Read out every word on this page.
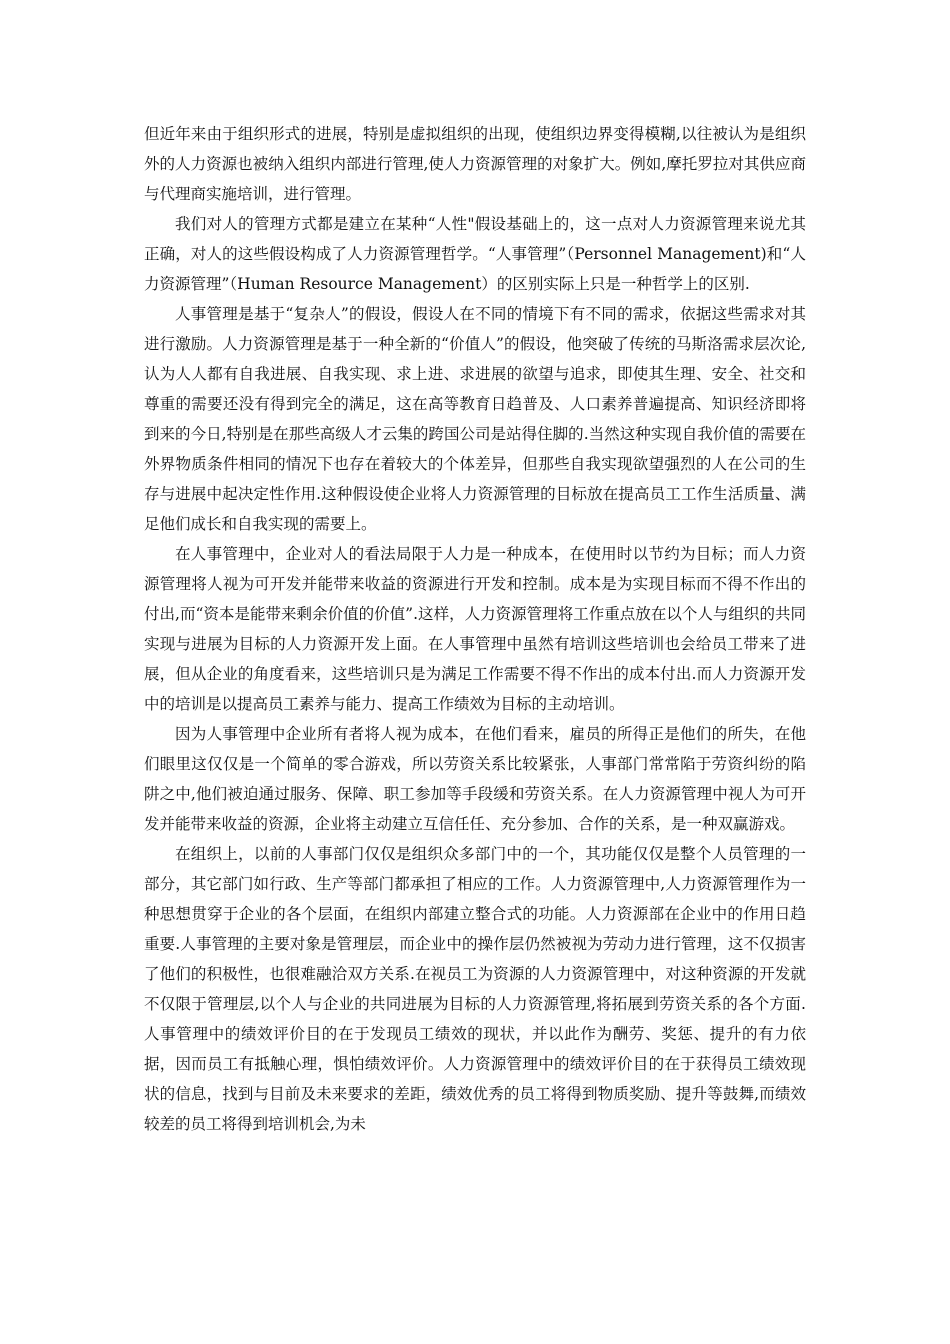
但近年来由于组织形式的进展，特别是虚拟组织的出现，使组织边界变得模糊,以往被认为是组织外的人力资源也被纳入组织内部进行管理,使人力资源管理的对象扩大。例如,摩托罗拉对其供应商与代理商实施培训，进行管理。

我们对人的管理方式都是建立在某种“人性"假设基础上的，这一点对人力资源管理来说尤其正确，对人的这些假设构成了人力资源管理哲学。“人事管理”（Personnel Management)和“人力资源管理”（Human Resource Management）的区别实际上只是一种哲学上的区别.

人事管理是基于“复杂人”的假设，假设人在不同的情境下有不同的需求，依据这些需求对其进行激励。人力资源管理是基于一种全新的“价值人”的假设，他突破了传统的马斯洛需求层次论,认为人人都有自我进展、自我实现、求上进、求进展的欲望与追求，即使其生理、安全、社交和尊重的需要还没有得到完全的满足，这在高等教育日趋普及、人口素养普遍提高、知识经济即将到来的今日,特别是在那些高级人才云集的跨国公司是站得住脚的.当然这种实现自我价值的需要在外界物质条件相同的情况下也存在着较大的个体差异，但那些自我实现欲望强烈的人在公司的生存与进展中起决定性作用.这种假设使企业将人力资源管理的目标放在提高员工工作生活质量、满足他们成长和自我实现的需要上。

在人事管理中，企业对人的看法局限于人力是一种成本，在使用时以节约为目标；而人力资源管理将人视为可开发并能带来收益的资源进行开发和控制。成本是为实现目标而不得不作出的付出,而“资本是能带来剩余价值的价值”.这样，人力资源管理将工作重点放在以个人与组织的共同实现与进展为目标的人力资源开发上面。在人事管理中虽然有培训这些培训也会给员工带来了进展，但从企业的角度看来，这些培训只是为满足工作需要不得不作出的成本付出.而人力资源开发中的培训是以提高员工素养与能力、提高工作绩效为目标的主动培训。

因为人事管理中企业所有者将人视为成本，在他们看来，雇员的所得正是他们的所失，在他们眼里这仅仅是一个简单的零合游戏，所以劳资关系比较紧张，人事部门常常陷于劳资纠纷的陷阱之中,他们被迫通过服务、保障、职工参加等手段缓和劳资关系。在人力资源管理中视人为可开发并能带来收益的资源，企业将主动建立互信任任、充分参加、合作的关系，是一种双赢游戏。

在组织上，以前的人事部门仅仅是组织众多部门中的一个，其功能仅仅是整个人员管理的一部分，其它部门如行政、生产等部门都承担了相应的工作。人力资源管理中,人力资源管理作为一种思想贯穿于企业的各个层面，在组织内部建立整合式的功能。人力资源部在企业中的作用日趋重要.人事管理的主要对象是管理层，而企业中的操作层仍然被视为劳动力进行管理，这不仅损害了他们的积极性，也很难融洽双方关系.在视员工为资源的人力资源管理中，对这种资源的开发就不仅限于管理层,以个人与企业的共同进展为目标的人力资源管理,将拓展到劳资关系的各个方面.人事管理中的绩效评价目的在于发现员工绩效的现状，并以此作为酬劳、奖惩、提升的有力依据，因而员工有抵触心理，惧怕绩效评价。人力资源管理中的绩效评价目的在于获得员工绩效现状的信息，找到与目前及未来要求的差距，绩效优秀的员工将得到物质奖励、提升等鼓舞,而绩效较差的员工将得到培训机会,为未
